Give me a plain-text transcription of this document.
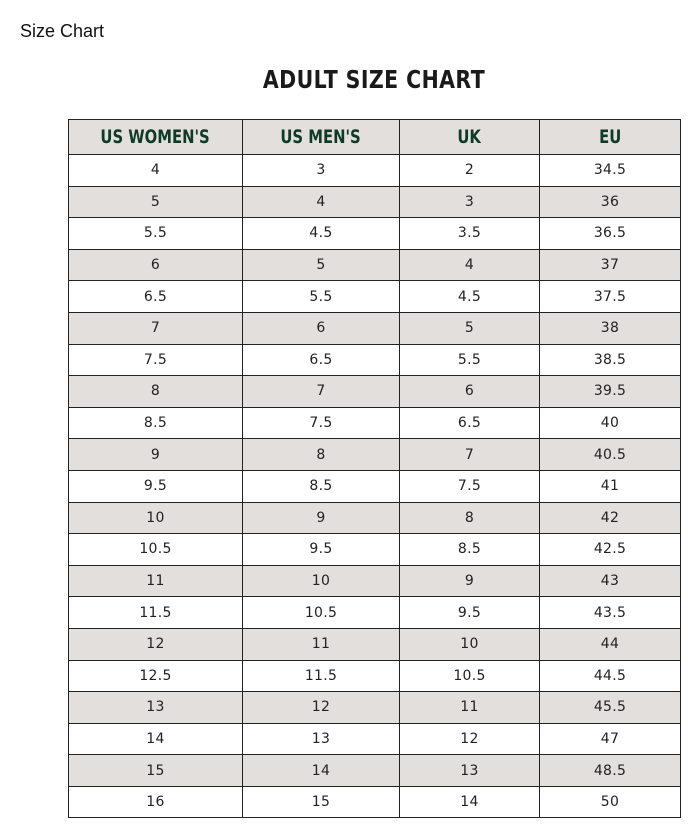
Size Chart
ADULT SIZE CHART
US WOMEN'S	US MEN'S	UK	EU
4	3	2	34.5
5	4	3	36
5.5	4.5	3.5	36.5
6	5	4	37
6.5	5.5	4.5	37.5
7	6	5	38
7.5	6.5	5.5	38.5
8	7	6	39.5
8.5	7.5	6.5	40
9	8	7	40.5
9.5	8.5	7.5	41
10	9	8	42
10.5	9.5	8.5	42.5
11	10	9	43
11.5	10.5	9.5	43.5
12	11	10	44
12.5	11.5	10.5	44.5
13	12	11	45.5
14	13	12	47
15	14	13	48.5
16	15	14	50
